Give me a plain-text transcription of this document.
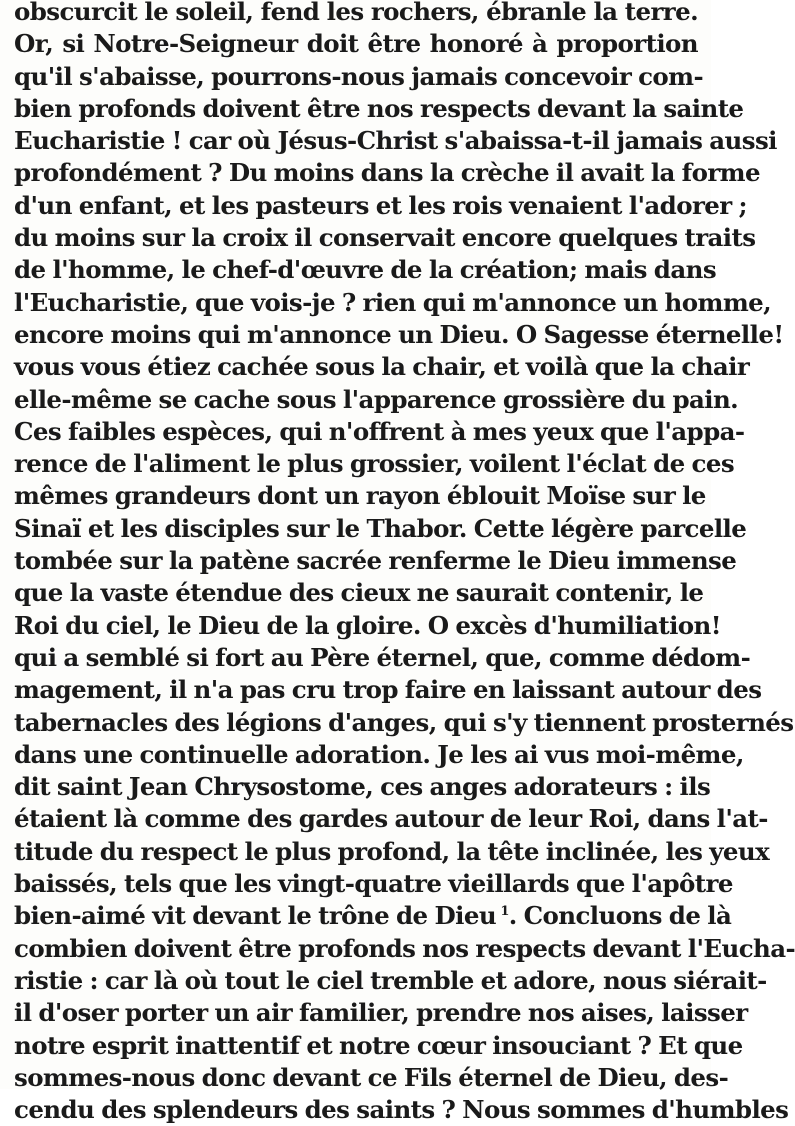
obscurcit le soleil, fend les rochers, ébranle la terre.
Or, si Notre-Seigneur doit être honoré à proportion
qu'il s'abaisse, pourrons-nous jamais concevoir com-
bien profonds doivent être nos respects devant la sainte
Eucharistie ! car où Jésus-Christ s'abaissa-t-il jamais aussi
profondément ? Du moins dans la crèche il avait la forme
d'un enfant, et les pasteurs et les rois venaient l'adorer ;
du moins sur la croix il conservait encore quelques traits
de l'homme, le chef-d'œuvre de la création; mais dans
l'Eucharistie, que vois-je ? rien qui m'annonce un homme,
encore moins qui m'annonce un Dieu. O Sagesse éternelle!
vous vous étiez cachée sous la chair, et voilà que la chair
elle-même se cache sous l'apparence grossière du pain.
Ces faibles espèces, qui n'offrent à mes yeux que l'appa-
rence de l'aliment le plus grossier, voilent l'éclat de ces
mêmes grandeurs dont un rayon éblouit Moïse sur le
Sinaï et les disciples sur le Thabor. Cette légère parcelle
tombée sur la patène sacrée renferme le Dieu immense
que la vaste étendue des cieux ne saurait contenir, le
Roi du ciel, le Dieu de la gloire. O excès d'humiliation!
qui a semblé si fort au Père éternel, que, comme dédom-
magement, il n'a pas cru trop faire en laissant autour des
tabernacles des légions d'anges, qui s'y tiennent prosternés
dans une continuelle adoration. Je les ai vus moi-même,
dit saint Jean Chrysostome, ces anges adorateurs : ils
étaient là comme des gardes autour de leur Roi, dans l'at-
titude du respect le plus profond, la tête inclinée, les yeux
baissés, tels que les vingt-quatre vieillards que l'apôtre
bien-aimé vit devant le trône de Dieu  $^1$. Concluons de là
combien doivent être profonds nos respects devant l'Eucha-
ristie : car là où tout le ciel tremble et adore, nous siérait-
il d'oser porter un air familier, prendre nos aises, laisser
notre esprit inattentif et notre cœur insouciant ? Et que
sommes-nous donc devant ce Fils éternel de Dieu, des-
cendu des splendeurs des saints ? Nous sommes d'humbles
